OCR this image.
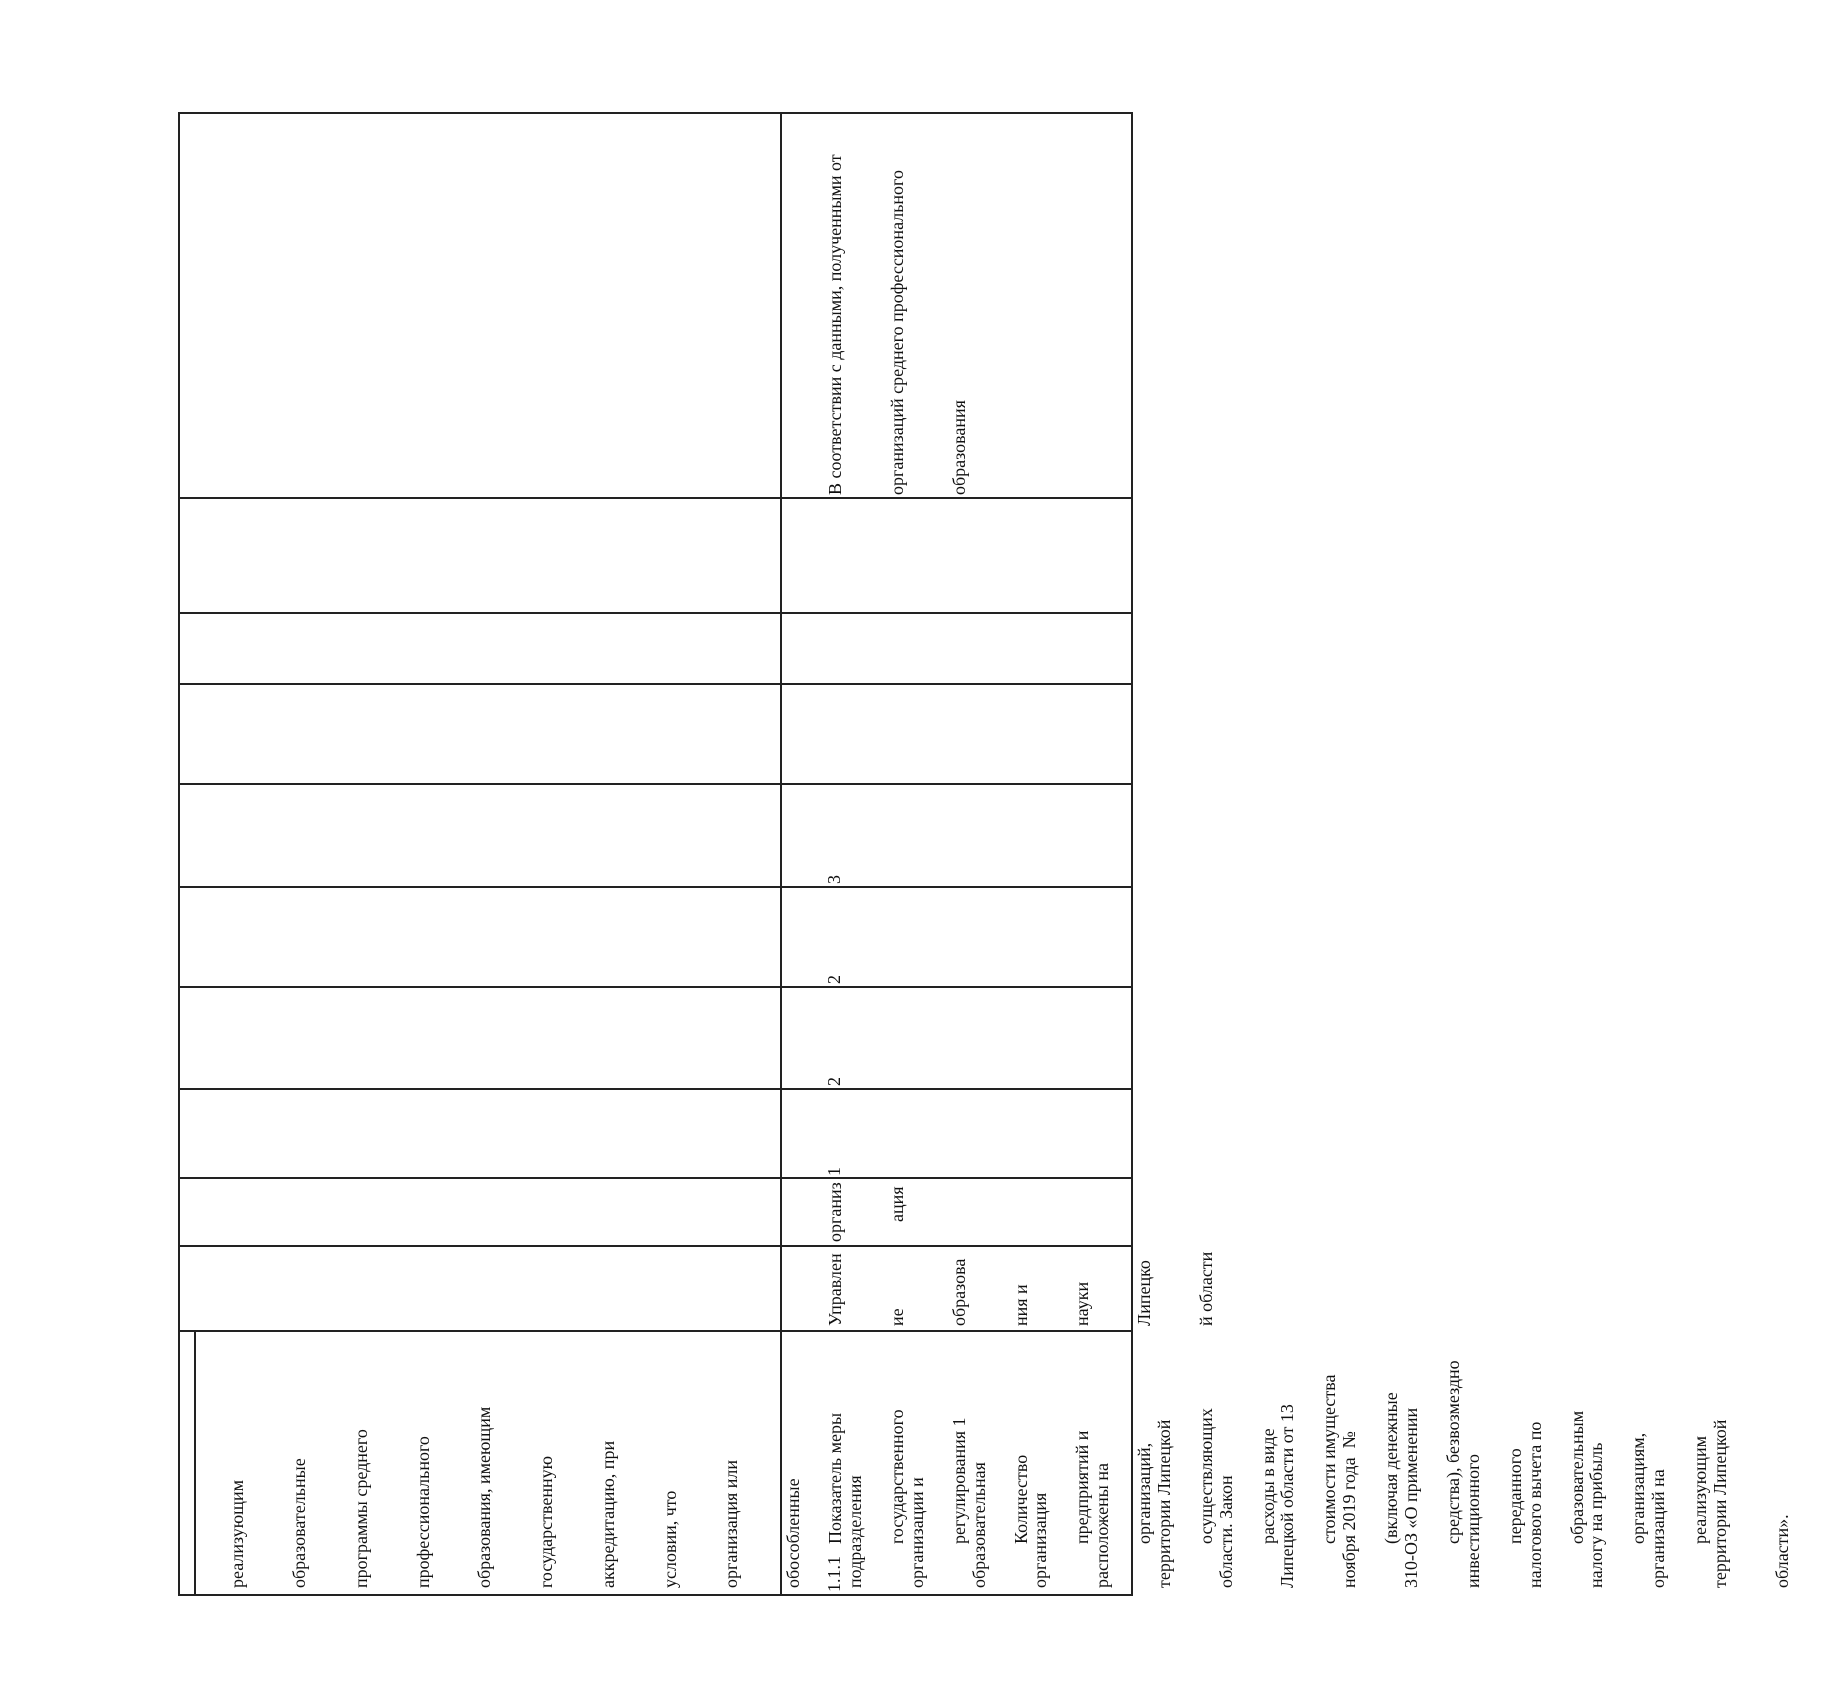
реализующим

образовательные

программы среднего

профессионального

образования, имеющим

государственную

аккредитацию, при

условии, что

организация или

обособленные

подразделения

организации и

образовательная

организация

расположены на

территории Липецкой

области. Закон

Липецкой области от 13

ноября 2019 года  №

310-ОЗ «О применении

инвестиционного

налогового вычета по

налогу на прибыль

организаций на

территории Липецкой

области».

1.1.1

Показатель меры

государственного

регулирования 1

Количество

предприятий и

организаций,

осуществляющих

расходы в виде

стоимости имущества

(включая денежные

средства), безвозмездно

переданного

образовательным

организациям,

реализующим

Управлен

ие

образова

ния и

науки

Липецко

й области

организ

ация

1

2

2

3

В соответствии с данными, полученными от

организаций среднего профессионального

образования
